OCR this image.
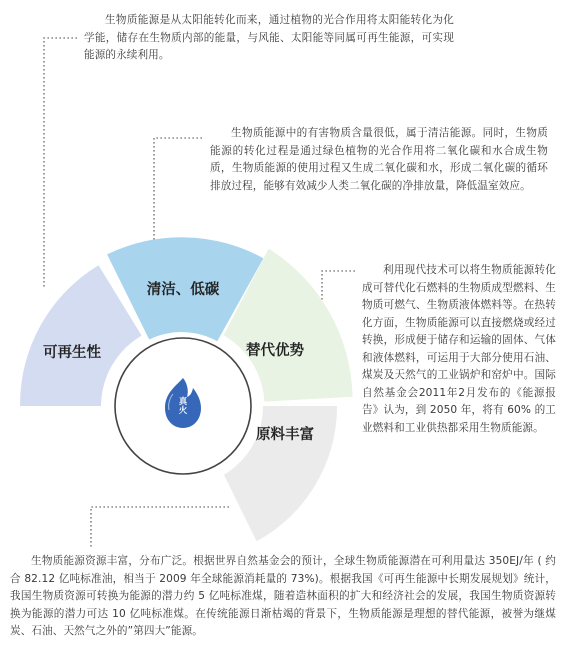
可再生性
清洁、低碳
替代优势
原料丰富
真火
生物质能源是从太阳能转化而来，通过植物的光合作用将太阳能转化为化学能，储存在生物质内部的能量，与风能、太阳能等同属可再生能源，可实现能源的永续利用。
生物质能源中的有害物质含量很低，属于清洁能源。同时，生物质能源的转化过程是通过绿色植物的光合作用将二氧化碳和水合成生物质，生物质能源的使用过程又生成二氧化碳和水，形成二氧化碳的循环排放过程，能够有效减少人类二氧化碳的净排放量，降低温室效应。
利用现代技术可以将生物质能源转化成可替代化石燃料的生物质成型燃料、生物质可燃气、生物质液体燃料等。在热转化方面，生物质能源可以直接燃烧或经过转换，形成便于储存和运输的固体、气体和液体燃料，可运用于大部分使用石油、煤炭及天然气的工业锅炉和窑炉中。国际自然基金会2011年2月发布的《能源报告》认为，到 2050 年，将有 60% 的工业燃料和工业供热都采用生物质能源。
生物质能源资源丰富，分布广泛。根据世界自然基金会的预计，全球生物质能源潜在可利用量达 350EJ/年 ( 约合 82.12 亿吨标准油，相当于 2009 年全球能源消耗量的 73%)。根据我国《可再生能源中长期发展规划》统计，我国生物质资源可转换为能源的潜力约 5 亿吨标准煤，随着造林面积的扩大和经济社会的发展，我国生物质资源转换为能源的潜力可达 10 亿吨标准煤。在传统能源日渐枯竭的背景下，生物质能源是理想的替代能源，被誉为继煤炭、石油、天然气之外的”第四大”能源。
